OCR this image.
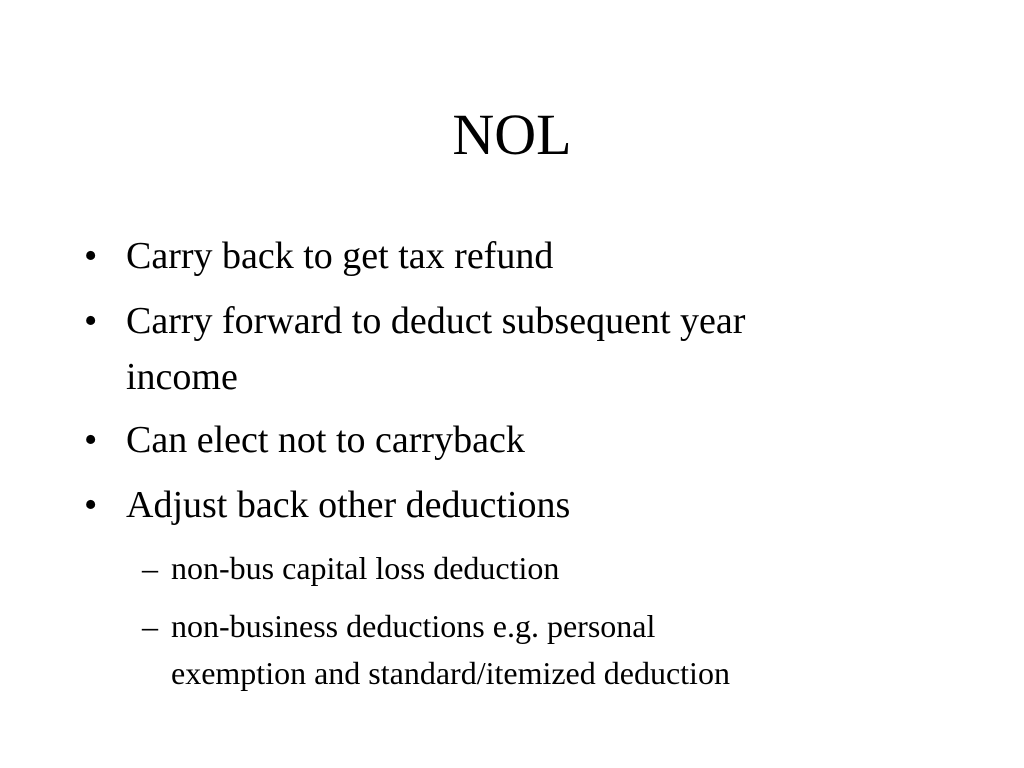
NOL
• Carry back to get tax refund
• Carry forward to deduct subsequent year
income
• Can elect not to carryback
• Adjust back other deductions
– non-bus capital loss deduction
– non-business deductions e.g. personal
exemption and standard/itemized deduction
